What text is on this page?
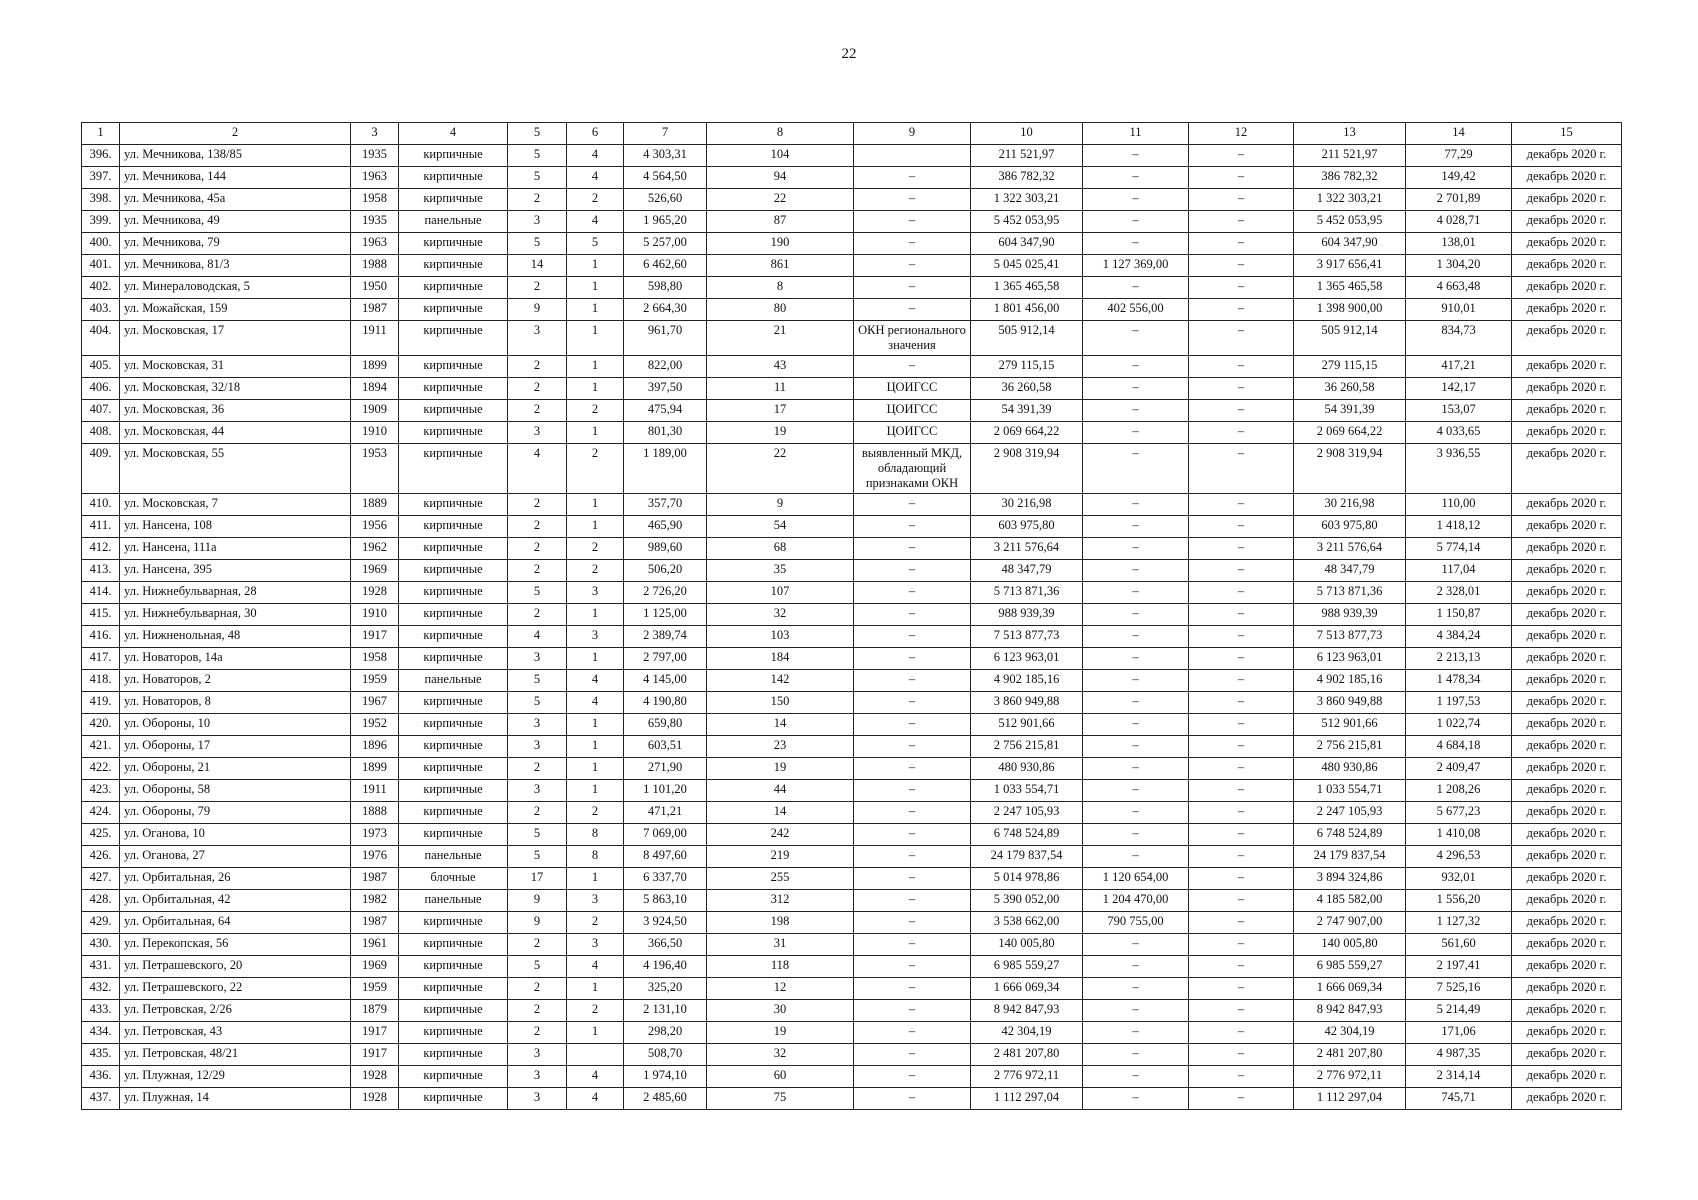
22
1	2	3	4	5	6	7	8	9	10	11	12	13	14	15
396.	ул. Мечникова, 138/85	1935	кирпичные	5	4	4 303,31	104		211 521,97	–	–	211 521,97	77,29	декабрь 2020 г.
397.	ул. Мечникова, 144	1963	кирпичные	5	4	4 564,50	94	–	386 782,32	–	–	386 782,32	149,42	декабрь 2020 г.
398.	ул. Мечникова, 45а	1958	кирпичные	2	2	526,60	22	–	1 322 303,21	–	–	1 322 303,21	2 701,89	декабрь 2020 г.
399.	ул. Мечникова, 49	1935	панельные	3	4	1 965,20	87	–	5 452 053,95	–	–	5 452 053,95	4 028,71	декабрь 2020 г.
400.	ул. Мечникова, 79	1963	кирпичные	5	5	5 257,00	190	–	604 347,90	–	–	604 347,90	138,01	декабрь 2020 г.
401.	ул. Мечникова, 81/3	1988	кирпичные	14	1	6 462,60	861	–	5 045 025,41	1 127 369,00	–	3 917 656,41	1 304,20	декабрь 2020 г.
402.	ул. Минераловодская, 5	1950	кирпичные	2	1	598,80	8	–	1 365 465,58	–	–	1 365 465,58	4 663,48	декабрь 2020 г.
403.	ул. Можайская, 159	1987	кирпичные	9	1	2 664,30	80	–	1 801 456,00	402 556,00	–	1 398 900,00	910,01	декабрь 2020 г.
404.	ул. Московская, 17	1911	кирпичные	3	1	961,70	21	ОКН регионального значения	505 912,14	–	–	505 912,14	834,73	декабрь 2020 г.
405.	ул. Московская, 31	1899	кирпичные	2	1	822,00	43	–	279 115,15	–	–	279 115,15	417,21	декабрь 2020 г.
406.	ул. Московская, 32/18	1894	кирпичные	2	1	397,50	11	ЦОИГСС	36 260,58	–	–	36 260,58	142,17	декабрь 2020 г.
407.	ул. Московская, 36	1909	кирпичные	2	2	475,94	17	ЦОИГСС	54 391,39	–	–	54 391,39	153,07	декабрь 2020 г.
408.	ул. Московская, 44	1910	кирпичные	3	1	801,30	19	ЦОИГСС	2 069 664,22	–	–	2 069 664,22	4 033,65	декабрь 2020 г.
409.	ул. Московская, 55	1953	кирпичные	4	2	1 189,00	22	выявленный МКД, обладающий признаками ОКН	2 908 319,94	–	–	2 908 319,94	3 936,55	декабрь 2020 г.
410.	ул. Московская, 7	1889	кирпичные	2	1	357,70	9	–	30 216,98	–	–	30 216,98	110,00	декабрь 2020 г.
411.	ул. Нансена, 108	1956	кирпичные	2	1	465,90	54	–	603 975,80	–	–	603 975,80	1 418,12	декабрь 2020 г.
412.	ул. Нансена, 111а	1962	кирпичные	2	2	989,60	68	–	3 211 576,64	–	–	3 211 576,64	5 774,14	декабрь 2020 г.
413.	ул. Нансена, 395	1969	кирпичные	2	2	506,20	35	–	48 347,79	–	–	48 347,79	117,04	декабрь 2020 г.
414.	ул. Нижнебульварная, 28	1928	кирпичные	5	3	2 726,20	107	–	5 713 871,36	–	–	5 713 871,36	2 328,01	декабрь 2020 г.
415.	ул. Нижнебульварная, 30	1910	кирпичные	2	1	1 125,00	32	–	988 939,39	–	–	988 939,39	1 150,87	декабрь 2020 г.
416.	ул. Нижненольная, 48	1917	кирпичные	4	3	2 389,74	103	–	7 513 877,73	–	–	7 513 877,73	4 384,24	декабрь 2020 г.
417.	ул. Новаторов, 14а	1958	кирпичные	3	1	2 797,00	184	–	6 123 963,01	–	–	6 123 963,01	2 213,13	декабрь 2020 г.
418.	ул. Новаторов, 2	1959	панельные	5	4	4 145,00	142	–	4 902 185,16	–	–	4 902 185,16	1 478,34	декабрь 2020 г.
419.	ул. Новаторов, 8	1967	кирпичные	5	4	4 190,80	150	–	3 860 949,88	–	–	3 860 949,88	1 197,53	декабрь 2020 г.
420.	ул. Обороны, 10	1952	кирпичные	3	1	659,80	14	–	512 901,66	–	–	512 901,66	1 022,74	декабрь 2020 г.
421.	ул. Обороны, 17	1896	кирпичные	3	1	603,51	23	–	2 756 215,81	–	–	2 756 215,81	4 684,18	декабрь 2020 г.
422.	ул. Обороны, 21	1899	кирпичные	2	1	271,90	19	–	480 930,86	–	–	480 930,86	2 409,47	декабрь 2020 г.
423.	ул. Обороны, 58	1911	кирпичные	3	1	1 101,20	44	–	1 033 554,71	–	–	1 033 554,71	1 208,26	декабрь 2020 г.
424.	ул. Обороны, 79	1888	кирпичные	2	2	471,21	14	–	2 247 105,93	–	–	2 247 105,93	5 677,23	декабрь 2020 г.
425.	ул. Оганова, 10	1973	кирпичные	5	8	7 069,00	242	–	6 748 524,89	–	–	6 748 524,89	1 410,08	декабрь 2020 г.
426.	ул. Оганова, 27	1976	панельные	5	8	8 497,60	219	–	24 179 837,54	–	–	24 179 837,54	4 296,53	декабрь 2020 г.
427.	ул. Орбитальная, 26	1987	блочные	17	1	6 337,70	255	–	5 014 978,86	1 120 654,00	–	3 894 324,86	932,01	декабрь 2020 г.
428.	ул. Орбитальная, 42	1982	панельные	9	3	5 863,10	312	–	5 390 052,00	1 204 470,00	–	4 185 582,00	1 556,20	декабрь 2020 г.
429.	ул. Орбитальная, 64	1987	кирпичные	9	2	3 924,50	198	–	3 538 662,00	790 755,00	–	2 747 907,00	1 127,32	декабрь 2020 г.
430.	ул. Перекопская, 56	1961	кирпичные	2	3	366,50	31	–	140 005,80	–	–	140 005,80	561,60	декабрь 2020 г.
431.	ул. Петрашевского, 20	1969	кирпичные	5	4	4 196,40	118	–	6 985 559,27	–	–	6 985 559,27	2 197,41	декабрь 2020 г.
432.	ул. Петрашевского, 22	1959	кирпичные	2	1	325,20	12	–	1 666 069,34	–	–	1 666 069,34	7 525,16	декабрь 2020 г.
433.	ул. Петровская, 2/26	1879	кирпичные	2	2	2 131,10	30	–	8 942 847,93	–	–	8 942 847,93	5 214,49	декабрь 2020 г.
434.	ул. Петровская, 43	1917	кирпичные	2	1	298,20	19	–	42 304,19	–	–	42 304,19	171,06	декабрь 2020 г.
435.	ул. Петровская, 48/21	1917	кирпичные	3		508,70	32	–	2 481 207,80	–	–	2 481 207,80	4 987,35	декабрь 2020 г.
436.	ул. Плужная, 12/29	1928	кирпичные	3	4	1 974,10	60	–	2 776 972,11	–	–	2 776 972,11	2 314,14	декабрь 2020 г.
437.	ул. Плужная, 14	1928	кирпичные	3	4	2 485,60	75	–	1 112 297,04	–	–	1 112 297,04	745,71	декабрь 2020 г.
